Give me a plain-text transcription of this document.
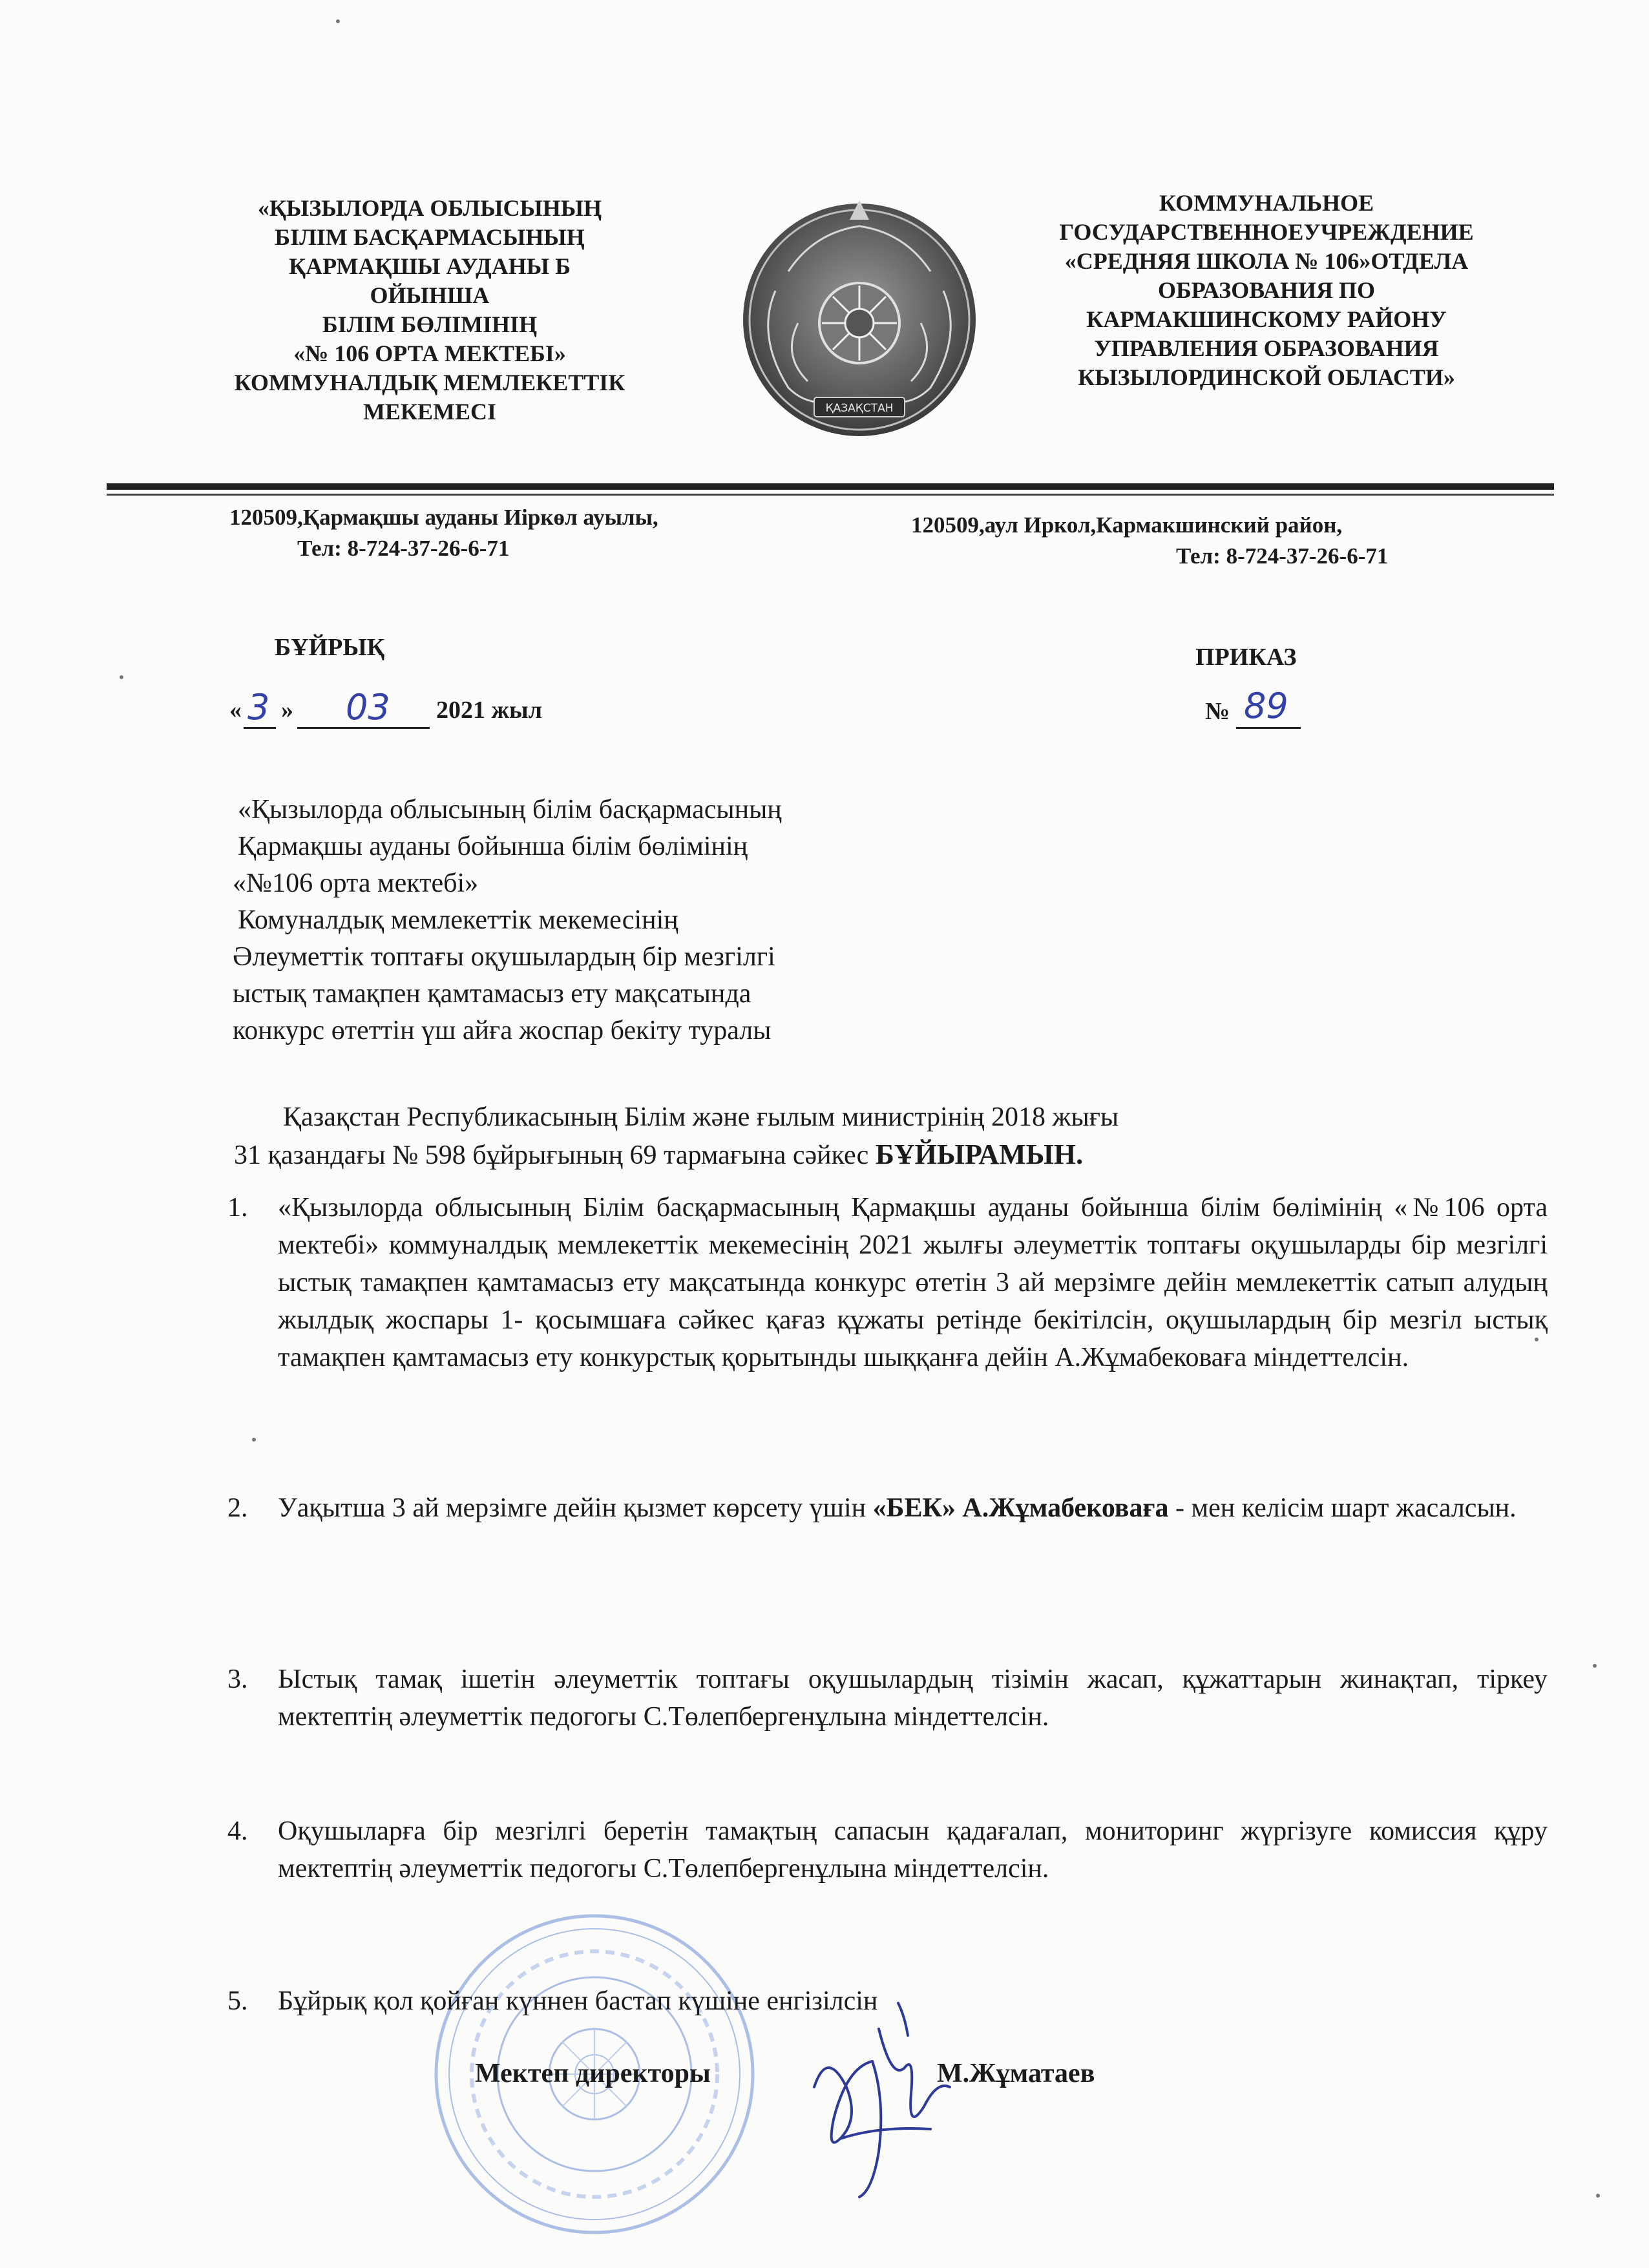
«ҚЫЗЫЛОРДА ОБЛЫСЫНЫҢ
БІЛІМ БАСҚАРМАСЫНЫҢ
ҚАРМАҚШЫ АУДАНЫ Б
ОЙЫНША
БІЛІМ БӨЛІМІНІҢ
«№ 106 ОРТА МЕКТЕБІ»
КОММУНАЛДЫҚ МЕМЛЕКЕТТІК
МЕКЕМЕСІ	ҚАЗАҚСТАН
КОММУНАЛЬНОЕ
ГОСУДАРСТВЕННОЕУЧРЕЖДЕНИЕ
«СРЕДНЯЯ ШКОЛА № 106»ОТДЕЛА
ОБРАЗОВАНИЯ ПО
КАРМАКШИНСКОМУ РАЙОНУ
УПРАВЛЕНИЯ ОБРАЗОВАНИЯ
КЫЗЫЛОРДИНСКОЙ ОБЛАСТИ»
120509,Қармақшы ауданы Иіркөл ауылы,
Тел: 8-724-37-26-6-71
120509,аул Иркол,Кармакшинский район,
Тел: 8-724-37-26-6-71
БҰЙРЫҚ	ПРИКАЗ
« 3 » 03 2021 жыл	№ 89
«Қызылорда облысының білім басқармасының
Қармақшы ауданы бойынша білім бөлімінің
«№106 орта мектебі»
Комуналдық мемлекеттік мекемесінің
Әлеуметтік топтағы оқушылардың бір мезгілгі
ыстық тамақпен қамтамасыз ету мақсатында
конкурс өтеттін үш айға жоспар бекіту туралы
Қазақстан Республикасының Білім және ғылым министрінің 2018 жығы
31 қазандағы № 598 бұйрығының 69 тармағына сәйкес БҰЙЫРАМЫН.
1. «Қызылорда облысының Білім басқармасының Қармақшы ауданы бойынша білім бөлімінің «№106 орта мектебі» коммуналдық мемлекеттік мекемесінің 2021 жылғы әлеуметтік топтағы оқушыларды бір мезгілгі ыстық тамақпен қамтамасыз ету мақсатында конкурс өтетін 3 ай мерзімге дейін мемлекеттік сатып алудың жылдық жоспары 1- қосымшаға сәйкес қағаз құжаты ретінде бекітілсін, оқушылардың бір мезгіл ыстық тамақпен қамтамасыз ету конкурстық қорытынды шыққанға дейін А.Жұмабековаға міндеттелсін.
2. Уақытша 3 ай мерзімге дейін қызмет көрсету үшін «БЕК» А.Жұмабековаға - мен келісім шарт жасалсын.
3. Ыстық тамақ ішетін әлеуметтік топтағы оқушылардың тізімін жасап, құжаттарын жинақтап, тіркеу мектептің әлеуметтік педогогы С.Төлепбергенұлына міндеттелсін.
4. Оқушыларға бір мезгілгі беретін тамақтың сапасын қадағалап, мониторинг жүргізуге комиссия құру мектептің әлеуметтік педогогы С.Төлепбергенұлына міндеттелсін.
5. Бұйрық қол қойған күннен бастап күшіне енгізілсін
Мектеп директоры	М.Жұматаев
